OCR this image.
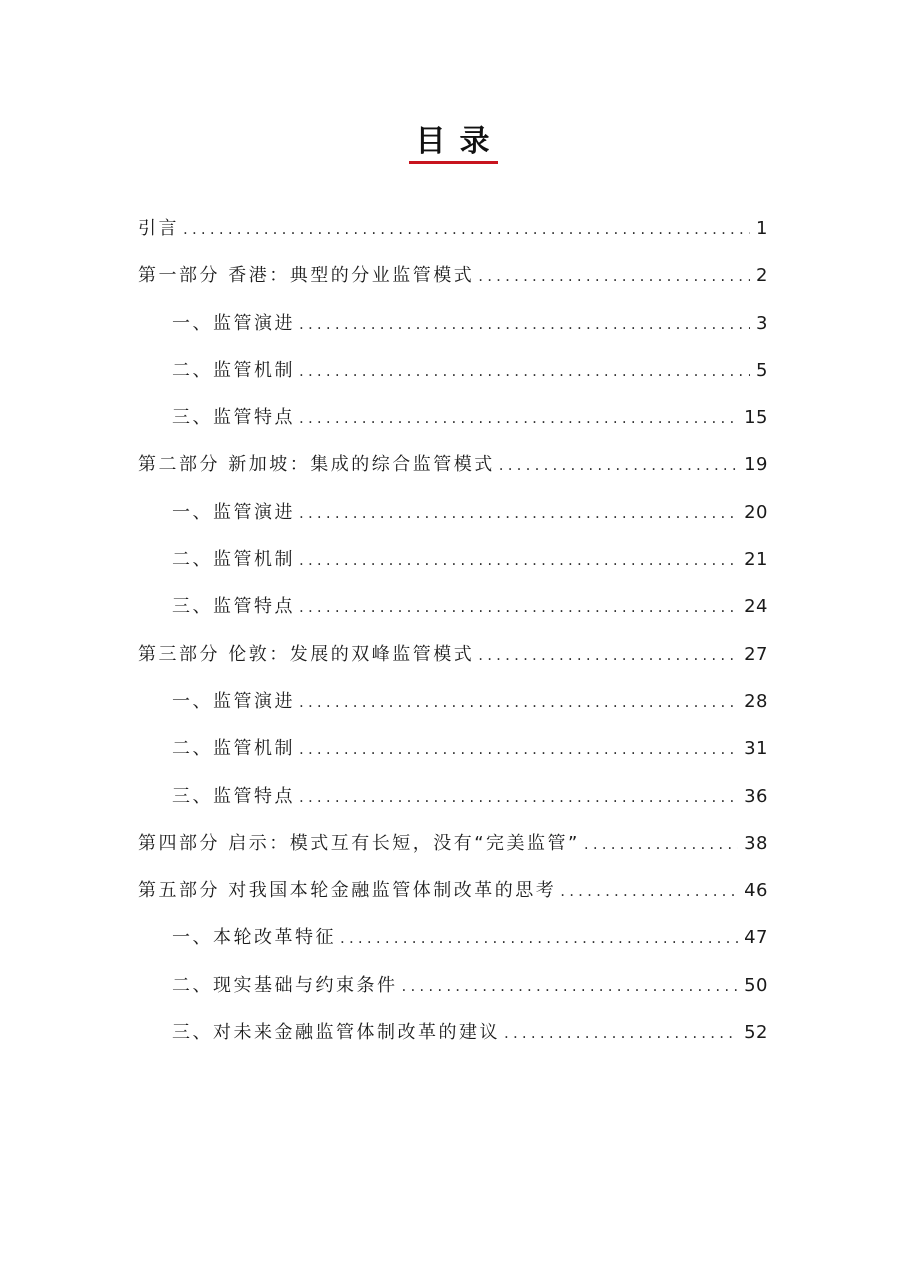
目录
引言 .....	1
第一部分 香港：典型的分业监管模式 .....	2
一、监管演进 .....	3
二、监管机制 .....	5
三、监管特点 .....	15
第二部分 新加坡：集成的综合监管模式 .....	19
一、监管演进 .....	20
二、监管机制 .....	21
三、监管特点 .....	24
第三部分 伦敦：发展的双峰监管模式 .....	27
一、监管演进 .....	28
二、监管机制 .....	31
三、监管特点 .....	36
第四部分 启示：模式互有长短，没有“完美监管” .....	38
第五部分 对我国本轮金融监管体制改革的思考 .....	46
一、本轮改革特征 .....	47
二、现实基础与约束条件 .....	50
三、对未来金融监管体制改革的建议 .....	52
